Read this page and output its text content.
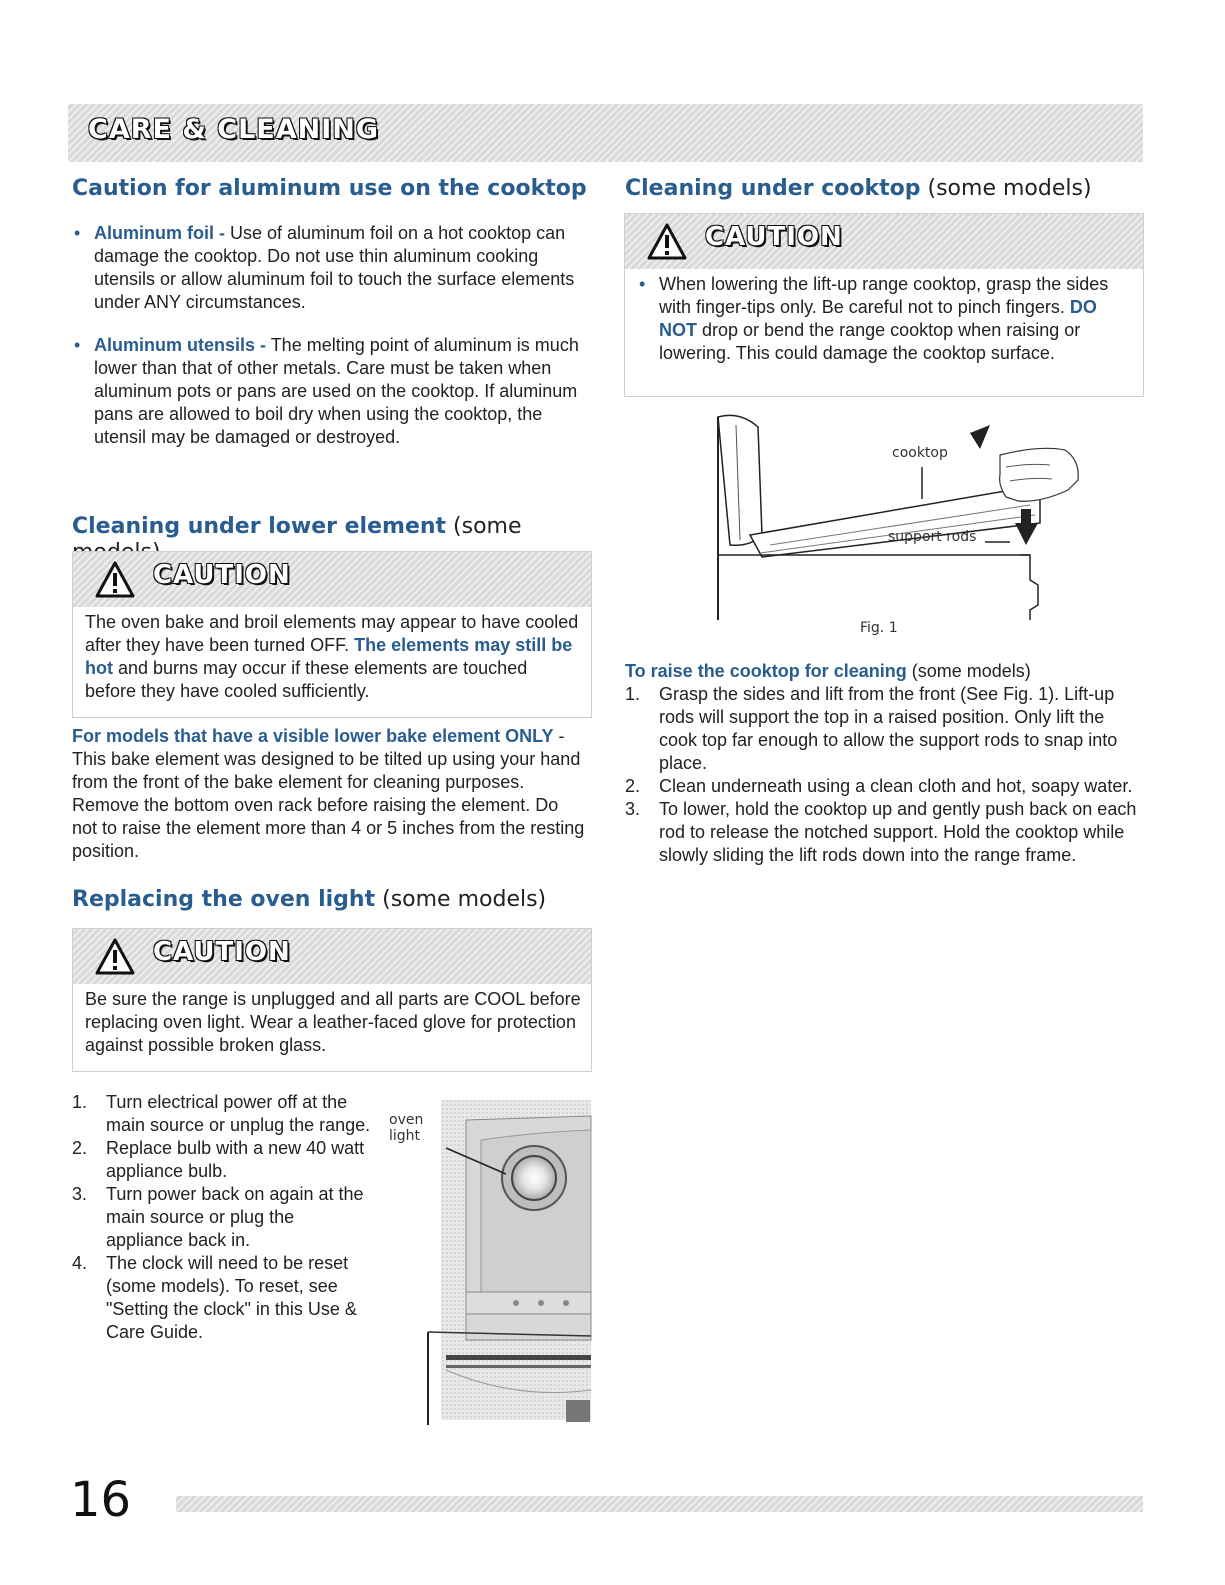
CARE & CLEANING
Caution for aluminum use on the cooktop

• Aluminum foil - Use of aluminum foil on a hot cooktop can damage the cooktop. Do not use thin aluminum cooking utensils or allow aluminum foil to touch the surface elements under ANY circumstances.

• Aluminum utensils - The melting point of aluminum is much lower than that of other metals. Care must be taken when aluminum pots or pans are used on the cooktop. If aluminum pans are allowed to boil dry when using the cooktop, the utensil may be damaged or destroyed.

Cleaning under lower element (some
CAUTION
The oven bake and broil elements may appear to have cooled after they have been turned OFF. The elements may still be hot and burns may occur if these elements are touched before they have cooled sufficiently.
For models that have a visible lower bake element ONLY - This bake element was designed to be tilted up using your hand from the front of the bake element for cleaning purposes. Remove the bottom oven rack before raising the element. Do not to raise the element more than 4 or 5 inches from the resting position.
Replacing the oven light (some models)
CAUTION
Be sure the range is unplugged and all parts are COOL before replacing oven light. Wear a leather-faced glove for protection against possible broken glass.
1. Turn electrical power off at the main source or unplug the range.
2. Replace bulb with a new 40 watt appliance bulb.
3. Turn power back on again at the main source or plug the appliance back in.
4. The clock will need to be reset (some models). To reset, see "Setting the clock" in this Use & Care Guide.
oven
light
Cleaning under cooktop (some models)
CAUTION

• When lowering the lift-up range cooktop, grasp the sides with finger-tips only. Be careful not to pinch fingers. DO NOT drop or bend the range cooktop when raising or lowering. This could damage the cooktop surface.

cooktop
support rods
Fig. 1
To raise the cooktop for cleaning (some models)
1. Grasp the sides and lift from the front (See Fig. 1). Lift-up rods will support the top in a raised position. Only lift the cook top far enough to allow the support rods to snap into place.
2. Clean underneath using a clean cloth and hot, soapy water.
3. To lower, hold the cooktop up and gently push back on each rod to release the notched support. Hold the cooktop while slowly sliding the lift rods down into the range frame.
16
